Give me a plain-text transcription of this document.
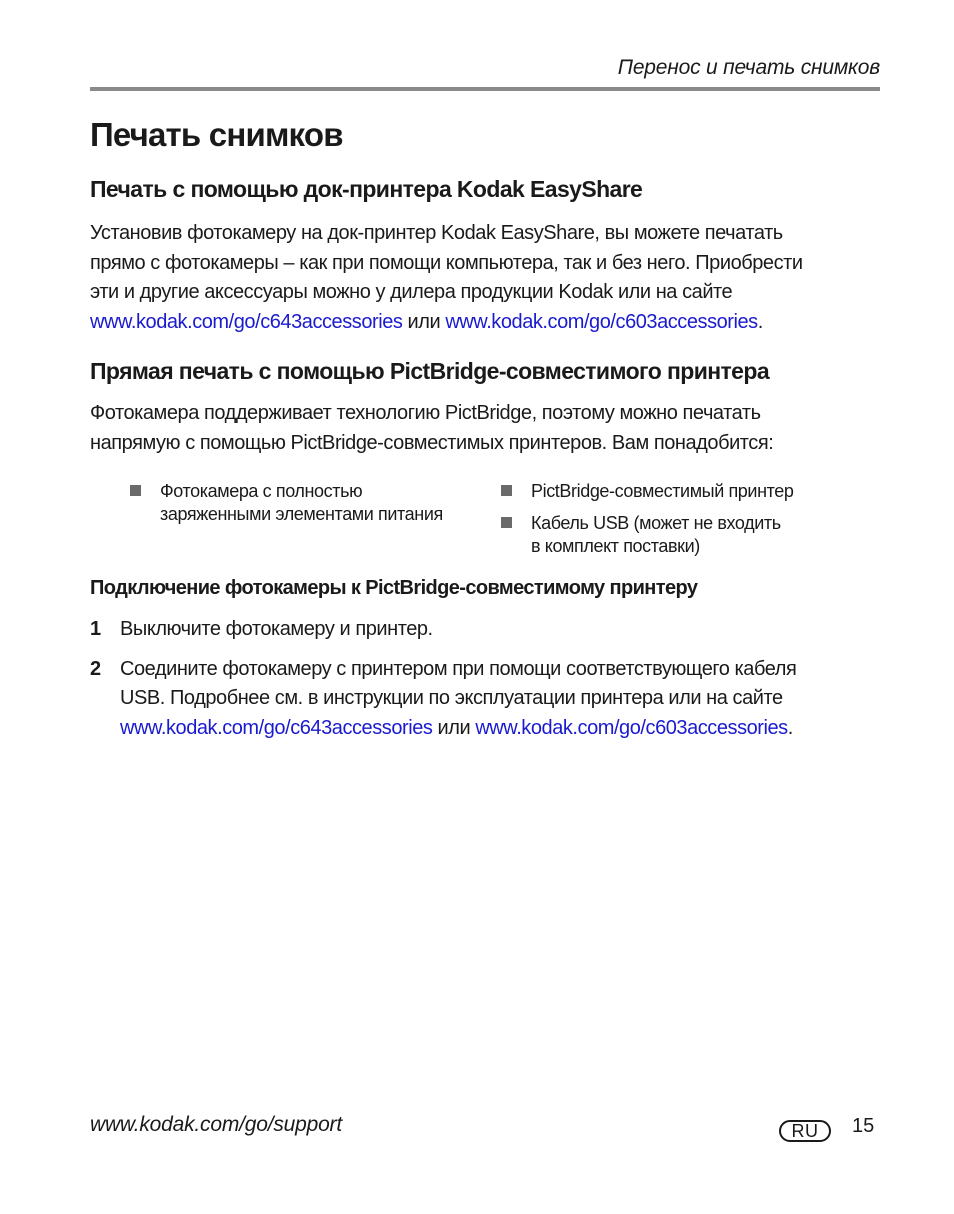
Перенос и печать снимков
Печать снимков
Печать с помощью док-принтера Kodak EasyShare

Установив фотокамеру на док-принтер Kodak EasyShare, вы можете печатать
прямо с фотокамеры – как при помощи компьютера, так и без него. Приобрести
эти и другие аксессуары можно у дилера продукции Kodak или на сайте
www.kodak.com/go/c643accessories или www.kodak.com/go/c603accessories.

Прямая печать с помощью PictBridge-совместимого принтера

Фотокамера поддерживает технологию PictBridge, поэтому можно печатать
напрямую с помощью PictBridge-совместимых принтеров. Вам понадобится:

Фотокамера с полностью
заряженными элементами питания
PictBridge-совместимый принтер
Кабель USB (может не входить
в комплект поставки)
Подключение фотокамеры к PictBridge-совместимому принтеру
1 Выключите фотокамеру и принтер.
2 Соедините фотокамеру с принтером при помощи соответствующего кабеля
USB. Подробнее см. в инструкции по эксплуатации принтера или на сайте
www.kodak.com/go/c643accessories или www.kodak.com/go/c603accessories.
www.kodak.com/go/support	RU	15
